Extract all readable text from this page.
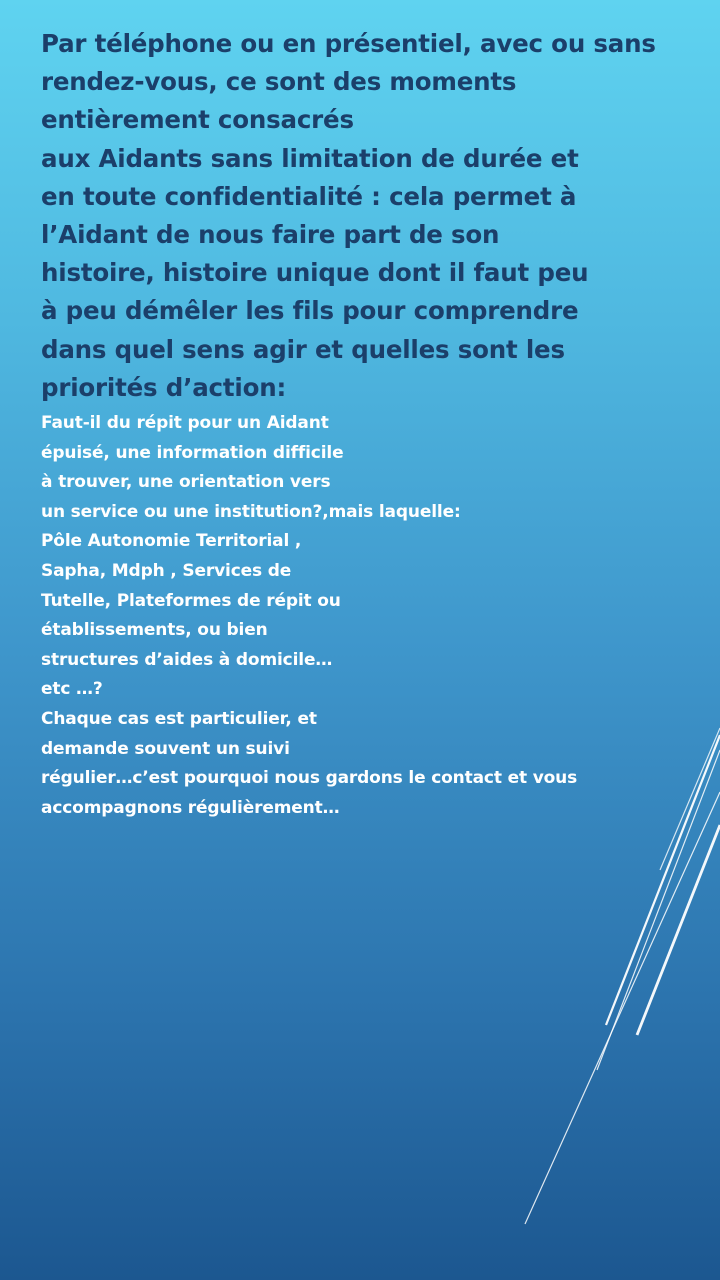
Par téléphone ou en présentiel, avec ou sans
rendez-vous, ce sont des moments
entièrement consacrés
aux Aidants sans limitation de durée et
en toute confidentialité : cela permet à
l’Aidant de nous faire part de son
histoire, histoire unique dont il faut peu
à peu démêler les fils pour comprendre
dans quel sens agir et quelles sont les
priorités d’action:
Faut-il du répit pour un Aidant
épuisé, une information difficile
à trouver, une orientation vers
un service ou une institution?,mais laquelle:
Pôle Autonomie Territorial ,
Sapha, Mdph , Services de
Tutelle, Plateformes de répit ou
établissements, ou bien
structures d’aides à domicile…
etc …?
Chaque cas est particulier, et
demande souvent un suivi
régulier…c’est pourquoi nous gardons le contact et vous
accompagnons régulièrement…
